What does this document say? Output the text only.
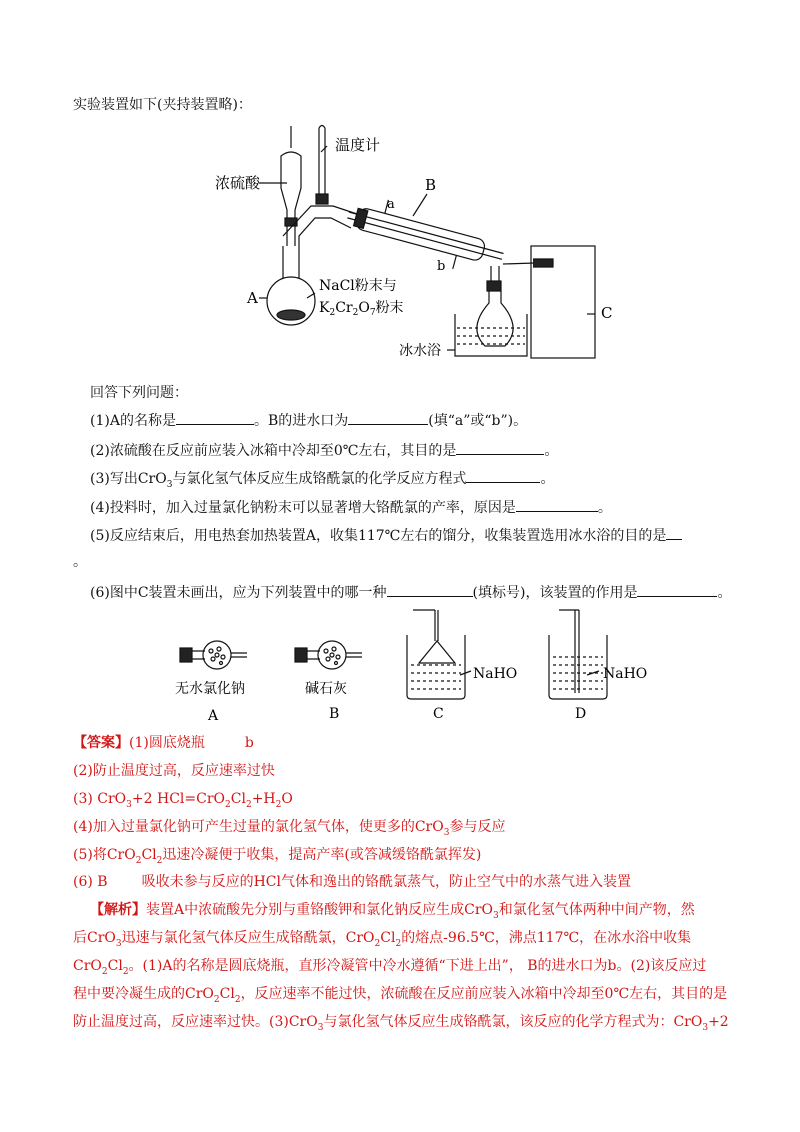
实验装置如下(夹持装置略)：
浓硫酸
温度计
B
a
b
A
NaCl粉末与
$K_2Cr_2O_7$粉末	C
冰水浴
回答下列问题：
(1)A的名称是	。B的进水口为	(填“a”或“b”)。
(2)浓硫酸在反应前应装入冰箱中冷却至0℃左右，其目的是	。
(3)写出CrO$_3$与氯化氢气体反应生成铬酰氯的化学反应方程式	。
(4)投料时，加入过量氯化钠粉末可以显著增大铬酰氯的产率，原因是	。
(5)反应结束后，用电热套加热装置A，收集117℃左右的馏分，收集装置选用冰水浴的目的是
。
(6)图中C装置未画出，应为下列装置中的哪一种	(填标号)，该装置的作用是	。
无水氯化钠
A
碱石灰
B
NaHO
C
NaHO
D
【答案】(1)圆底烧瓶	b
(2)防止温度过高，反应速率过快
(3) CrO$_3$+2 $HCl=CrO_2Cl_2+H_2O$
(4)加入过量氯化钠可产生过量的氯化氢气体，使更多的CrO$_3$参与反应
(5)将$CrO_2Cl_2$迅速冷凝便于收集，提高产率(或答减缓铬酰氯挥发)
(6) B 吸收未参与反应的HCl气体和逸出的铬酰氯蒸气，防止空气中的水蒸气进入装置
【解析】装置A中浓硫酸先分别与重铬酸钾和氯化钠反应生成CrO$_3$和氯化氢气体两种中间产物，然
后CrO$_3$迅速与氯化氢气体反应生成铬酰氯，$CrO_2Cl_2$的熔点-96.5℃，沸点117℃，在冰水浴中收集
$CrO_2Cl_2$。(1)A的名称是圆底烧瓶，直形冷凝管中冷水遵循“下进上出”， B的进水口为b。(2)该反应过
程中要冷凝生成的$CrO_2Cl_2$，反应速率不能过快，浓硫酸在反应前应装入冰箱中冷却至0℃左右，其目的是
防止温度过高，反应速率过快。(3)CrO$_3$与氯化氢气体反应生成铬酰氯，该反应的化学方程式为：CrO$_3$+2
